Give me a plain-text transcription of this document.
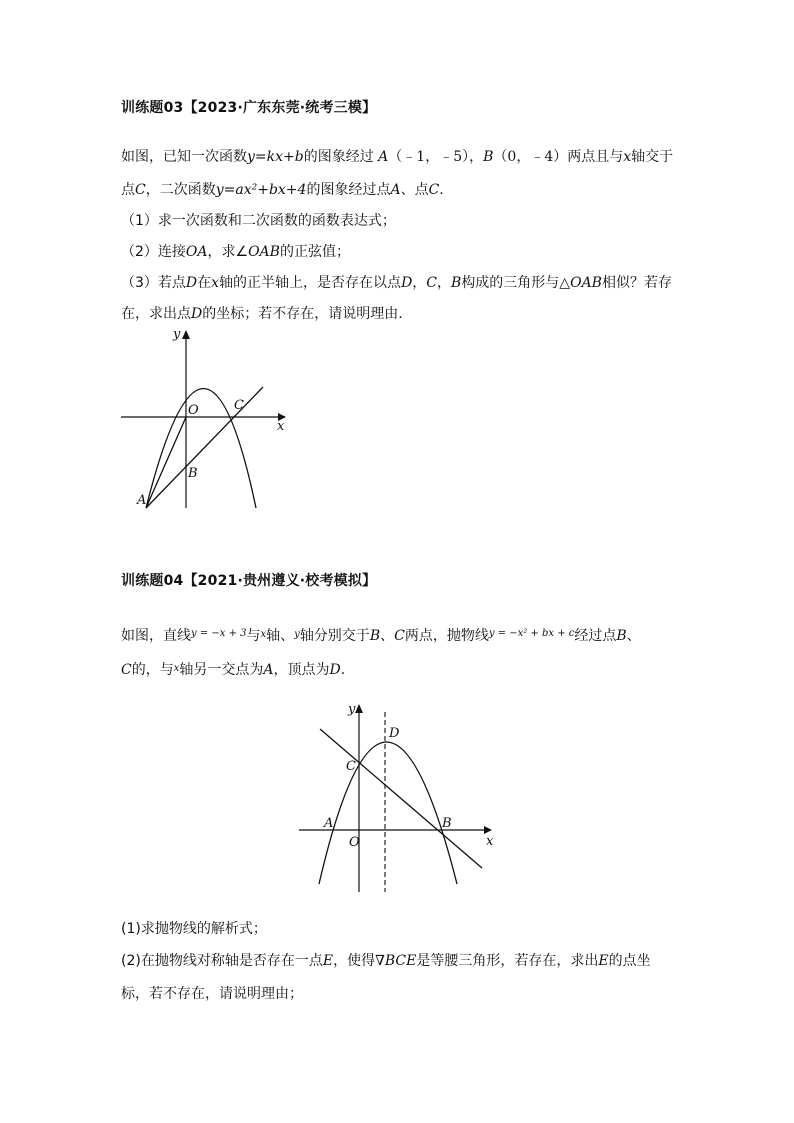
训练题03【2023·广东东莞·统考三模】
如图，已知一次函数y=kx+b的图象经过 A（﹣1，﹣5），B（0，﹣4）两点且与x轴交于
点C，二次函数y=ax²+bx+4的图象经过点A、点C.
（1）求一次函数和二次函数的函数表达式；
（2）连接OA，求∠OAB的正弦值；
（3）若点D在x轴的正半轴上，是否存在以点D，C，B构成的三角形与△OAB相似？若存
在，求出点D的坐标；若不存在，请说明理由.
y
x
O	C
B
A
训练题04【2021·贵州遵义·校考模拟】
如图，直线$^{y = -x + 3}$与$^x$轴、$^y$轴分别交于B、C两点，抛物线$^{y = -x^2 + bx + c}$经过点B、
C的，与$^x$轴另一交点为A，顶点为D.
y
x
D
C
A	B
O
(1)求抛物线的解析式；
(2)在抛物线对称轴是否存在一点E，使得∇BCE是等腰三角形，若存在，求出E的点坐
标，若不存在，请说明理由；
